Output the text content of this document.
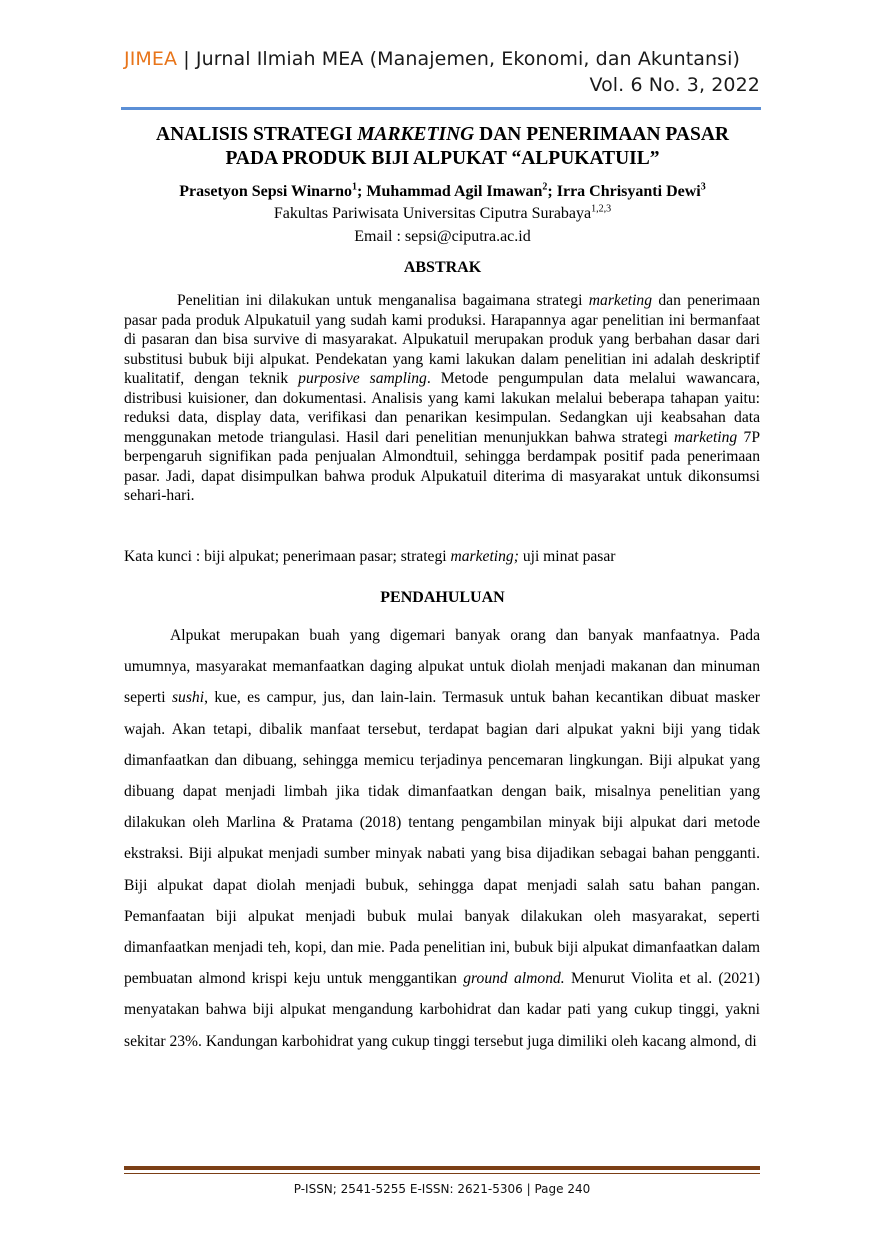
JIMEA | Jurnal Ilmiah MEA (Manajemen, Ekonomi, dan Akuntansi)
Vol. 6 No. 3, 2022
ANALISIS STRATEGI MARKETING DAN PENERIMAAN PASAR
PADA PRODUK BIJI ALPUKAT “ALPUKATUIL”
Prasetyon Sepsi Winarno$^1$; Muhammad Agil Imawan$^2$; Irra Chrisyanti Dewi$^3$
Fakultas Pariwisata Universitas Ciputra Surabaya$^{1,2,3}$
Email : sepsi@ciputra.ac.id
ABSTRAK

Penelitian ini dilakukan untuk menganalisa bagaimana strategi marketing dan penerimaan pasar pada produk Alpukatuil yang sudah kami produksi. Harapannya agar penelitian ini bermanfaat di pasaran dan bisa survive di masyarakat. Alpukatuil merupakan produk yang berbahan dasar dari substitusi bubuk biji alpukat. Pendekatan yang kami lakukan dalam penelitian ini adalah deskriptif kualitatif, dengan teknik purposive sampling. Metode pengumpulan data melalui wawancara, distribusi kuisioner, dan dokumentasi. Analisis yang kami lakukan melalui beberapa tahapan yaitu: reduksi data, display data, verifikasi dan penarikan kesimpulan. Sedangkan uji keabsahan data menggunakan metode triangulasi. Hasil dari penelitian menunjukkan bahwa strategi marketing 7P berpengaruh signifikan pada penjualan Almondtuil, sehingga berdampak positif pada penerimaan pasar. Jadi, dapat disimpulkan bahwa produk Alpukatuil diterima di masyarakat untuk dikonsumsi sehari-hari.

Kata kunci : biji alpukat; penerimaan pasar; strategi marketing; uji minat pasar

PENDAHULUAN

Alpukat merupakan buah yang digemari banyak orang dan banyak manfaatnya. Pada umumnya, masyarakat memanfaatkan daging alpukat untuk diolah menjadi makanan dan minuman seperti sushi, kue, es campur, jus, dan lain-lain. Termasuk untuk bahan kecantikan dibuat masker wajah. Akan tetapi, dibalik manfaat tersebut, terdapat bagian dari alpukat yakni biji yang tidak dimanfaatkan dan dibuang, sehingga memicu terjadinya pencemaran lingkungan. Biji alpukat yang dibuang dapat menjadi limbah jika tidak dimanfaatkan dengan baik, misalnya penelitian yang dilakukan oleh Marlina & Pratama (2018) tentang pengambilan minyak biji alpukat dari metode ekstraksi. Biji alpukat menjadi sumber minyak nabati yang bisa dijadikan sebagai bahan pengganti. Biji alpukat dapat diolah menjadi bubuk, sehingga dapat menjadi salah satu bahan pangan. Pemanfaatan biji alpukat menjadi bubuk mulai banyak dilakukan oleh masyarakat, seperti dimanfaatkan menjadi teh, kopi, dan mie. Pada penelitian ini, bubuk biji alpukat dimanfaatkan dalam pembuatan almond krispi keju untuk menggantikan ground almond. Menurut Violita et al. (2021) menyatakan bahwa biji alpukat mengandung karbohidrat dan kadar pati yang cukup tinggi, yakni sekitar 23%. Kandungan karbohidrat yang cukup tinggi tersebut juga dimiliki oleh kacang almond, di

P-ISSN; 2541-5255 E-ISSN: 2621-5306 | Page 240
